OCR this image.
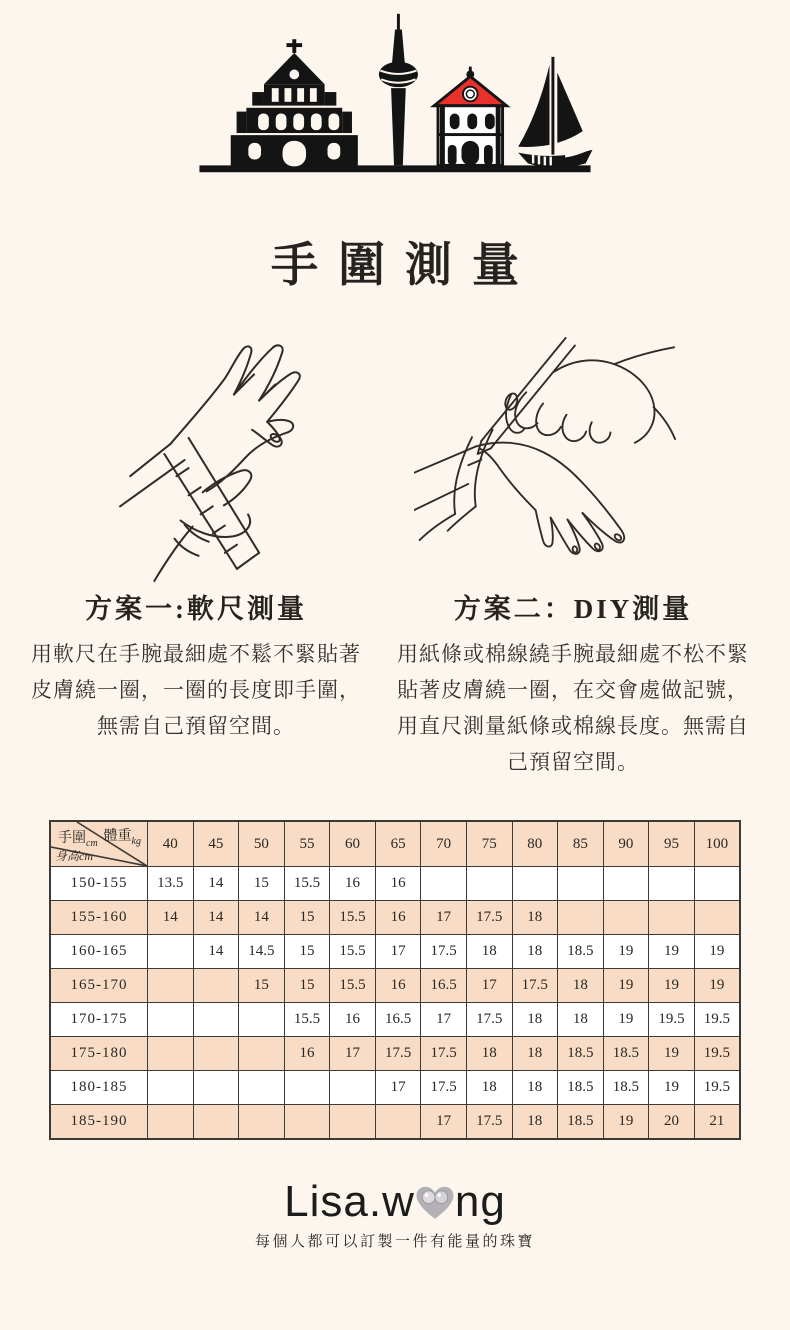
手圍測量
方案一:軟尺測量

用軟尺在手腕最細處不鬆不緊貼著皮膚繞一圈，一圈的長度即手圍，無需自己預留空間。

方案二：DIY測量

用紙條或棉線繞手腕最細處不松不緊貼著皮膚繞一圈，在交會處做記號，用直尺測量紙條或棉線長度。無需自己預留空間。

手圍$_{cm}$ 體重$_{kg}$
身高cm	40	45	50	55	60	65	70	75	80	85	90	95	100
150-155	13.5	14	15	15.5	16	16							
155-160	14	14	14	15	15.5	16	17	17.5	18				
160-165		14	14.5	15	15.5	17	17.5	18	18	18.5	19	19	19
165-170			15	15	15.5	16	16.5	17	17.5	18	19	19	19
170-175				15.5	16	16.5	17	17.5	18	18	19	19.5	19.5
175-180				16	17	17.5	17.5	18	18	18.5	18.5	19	19.5
180-185						17	17.5	18	18	18.5	18.5	19	19.5
185-190							17	17.5	18	18.5	19	20	21
Lisa.w ng
每個人都可以訂製一件有能量的珠寶
